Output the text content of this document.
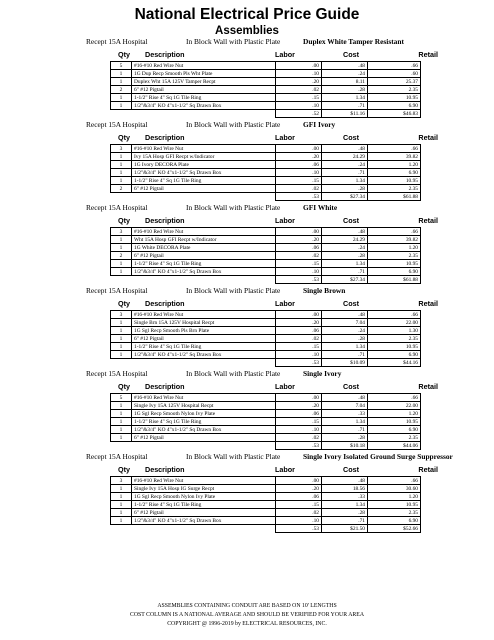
National Electrical Price Guide
Assemblies
Recept 15A Hospital	In Block Wall with Plastic Plate	Duplex White Tamper Resistant
Qty Description	Labor	Cost	Retail
5	#16-#10 Red Wire Nut	.00	.48	.66
1	1G Dup Recp Smooth Pls Wht Plate	.10	.24	.60
1	Duplex Wht 15A 125V Tamper Recpt	.20	8.11	25.37
2	6" #12 Pigtail	.02	.28	2.35
1	1-1/2" Rise 4" Sq 1G Tile Ring	.15	1.34	10.95
1	1/2"&3/4" KO 4"x1-1/2" Sq Drawn Box	.10	.71	6.90
		.52	$11.16	$46.83
Recept 15A Hospital	In Block Wall with Plastic Plate	GFI Ivory
Qty Description	Labor	Cost	Retail
3	#16-#10 Red Wire Nut	.00	.48	.66
1	Ivy 15A Hosp GFI Recpt w/Indicator	.20	24.29	39.82
1	1G Ivory DECORA Plate	.06	.24	1.20
1	1/2"&3/4" KO 4"x1-1/2" Sq Drawn Box	.10	.71	6.90
1	1-1/2" Rise 4" Sq 1G Tile Ring	.15	1.34	10.95
2	6" #12 Pigtail	.02	.28	2.35
		.53	$27.34	$61.88
Recept 15A Hospital	In Block Wall with Plastic Plate	GFI White
Qty Description	Labor	Cost	Retail
3	#16-#10 Red Wire Nut	.00	.48	.66
1	Wht 15A Hosp GFI Recpt w/Indicator	.20	24.29	39.82
1	1G White DECORA Plate	.06	.24	1.20
2	6" #12 Pigtail	.02	.28	2.35
1	1-1/2" Rise 4" Sq 1G Tile Ring	.15	1.34	10.95
1	1/2"&3/4" KO 4"x1-1/2" Sq Drawn Box	.10	.71	6.90
		.53	$27.34	$61.88
Recept 15A Hospital	In Block Wall with Plastic Plate	Single Brown
Qty Description	Labor	Cost	Retail
3	#16-#10 Red Wire Nut	.00	.48	.66
1	Single Brn 15A 125V Hospital Recpt	.20	7.04	22.00
1	1G Sgl Recp Smooth Pls Brn Plate	.06	.24	1.30
1	6" #12 Pigtail	.02	.28	2.35
1	1-1/2" Rise 4" Sq 1G Tile Ring	.15	1.34	10.95
1	1/2"&3/4" KO 4"x1-1/2" Sq Drawn Box	.10	.71	6.90
		.53	$10.09	$44.16
Recept 15A Hospital	In Block Wall with Plastic Plate	Single Ivory
Qty Description	Labor	Cost	Retail
5	#16-#10 Red Wire Nut	.00	.48	.66
1	Single Ivy 15A 125V Hospital Recpt	.20	7.04	22.00
1	1G Sgl Recp Smooth Nylon Ivy Plate	.06	.33	1.20
1	1-1/2" Rise 4" Sq 1G Tile Ring	.15	1.34	10.95
1	1/2"&3/4" KO 4"x1-1/2" Sq Drawn Box	.10	.71	6.90
1	6" #12 Pigtail	.02	.28	2.35
		.53	$10.18	$44.06
Recept 15A Hospital	In Block Wall with Plastic Plate	Single Ivory Isolated Ground Surge Suppressor
Qty Description	Labor	Cost	Retail
3	#16-#10 Red Wire Nut	.00	.48	.66
1	Single Ivy 15A Hosp IG Surge Recpt	.20	18.56	30.60
1	1G Sgl Recp Smooth Nylon Ivy Plate	.06	.33	1.20
1	1-1/2" Rise 4" Sq 1G Tile Ring	.15	1.34	10.95
1	6" #12 Pigtail	.02	.28	2.35
1	1/2"&3/4" KO 4"x1-1/2" Sq Drawn Box	.10	.71	6.90
		.53	$21.50	$52.66
ASSEMBLIES CONTAINING CONDUIT ARE BASED ON 10' LENGTHS
COST COLUMN IS A NATIONAL AVERAGE AND SHOULD BE VERIFIED FOR YOUR AREA
COPYRIGHT @ 1996-2019 by ELECTRICAL RESOURCES, INC.
